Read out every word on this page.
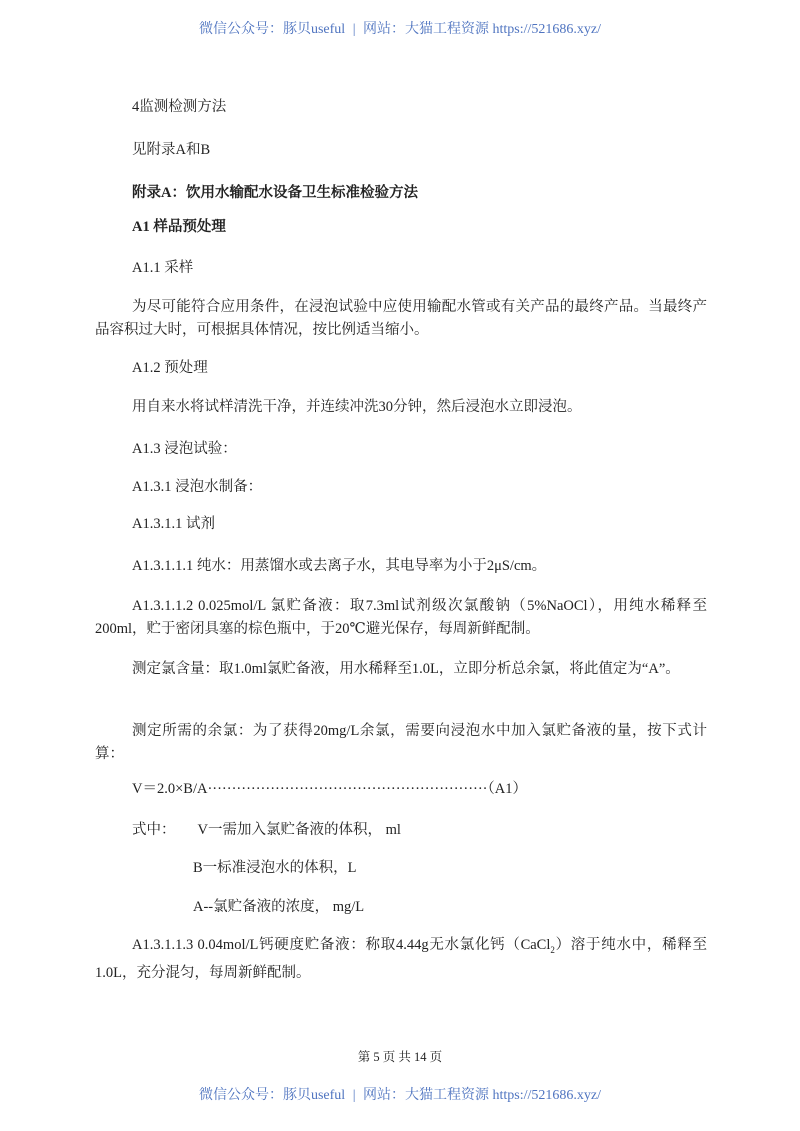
微信公众号：豚贝useful | 网站：大猫工程资源 https://521686.xyz/
4监测检测方法
见附录A和B
附录A：饮用水输配水设备卫生标准检验方法
A1 样品预处理
A1.1 采样
为尽可能符合应用条件，在浸泡试验中应使用输配水管或有关产品的最终产品。当最终产品容积过大时，可根据具体情况，按比例适当缩小。
A1.2 预处理
用自来水将试样清洗干净，并连续冲洗30分钟，然后浸泡水立即浸泡。
A1.3 浸泡试验：
A1.3.1 浸泡水制备：
A1.3.1.1 试剂
A1.3.1.1.1 纯水：用蒸馏水或去离子水，其电导率为小于2μS/cm。
A1.3.1.1.2 0.025mol/L 氯贮备液：取7.3ml试剂级次氯酸钠（5%NaOCl），用纯水稀释至200ml，贮于密闭具塞的棕色瓶中，于20℃避光保存，每周新鲜配制。
测定氯含量：取1.0ml氯贮备液，用水稀释至1.0L，立即分析总余氯，将此值定为“A”。
测定所需的余氯：为了获得20mg/L余氯，需要向浸泡水中加入氯贮备液的量，按下式计算：
V＝2.0×B/A··························································（A1）
式中： V一需加入氯贮备液的体积， ml
B一标准浸泡水的体积，L
A--氯贮备液的浓度， mg/L
A1.3.1.1.3 0.04mol/L钙硬度贮备液：称取4.44g无水氯化钙（CaCl$_2$）溶于纯水中，稀释至1.0L，充分混匀，每周新鲜配制。
第 5 页 共 14 页
微信公众号：豚贝useful | 网站：大猫工程资源 https://521686.xyz/
